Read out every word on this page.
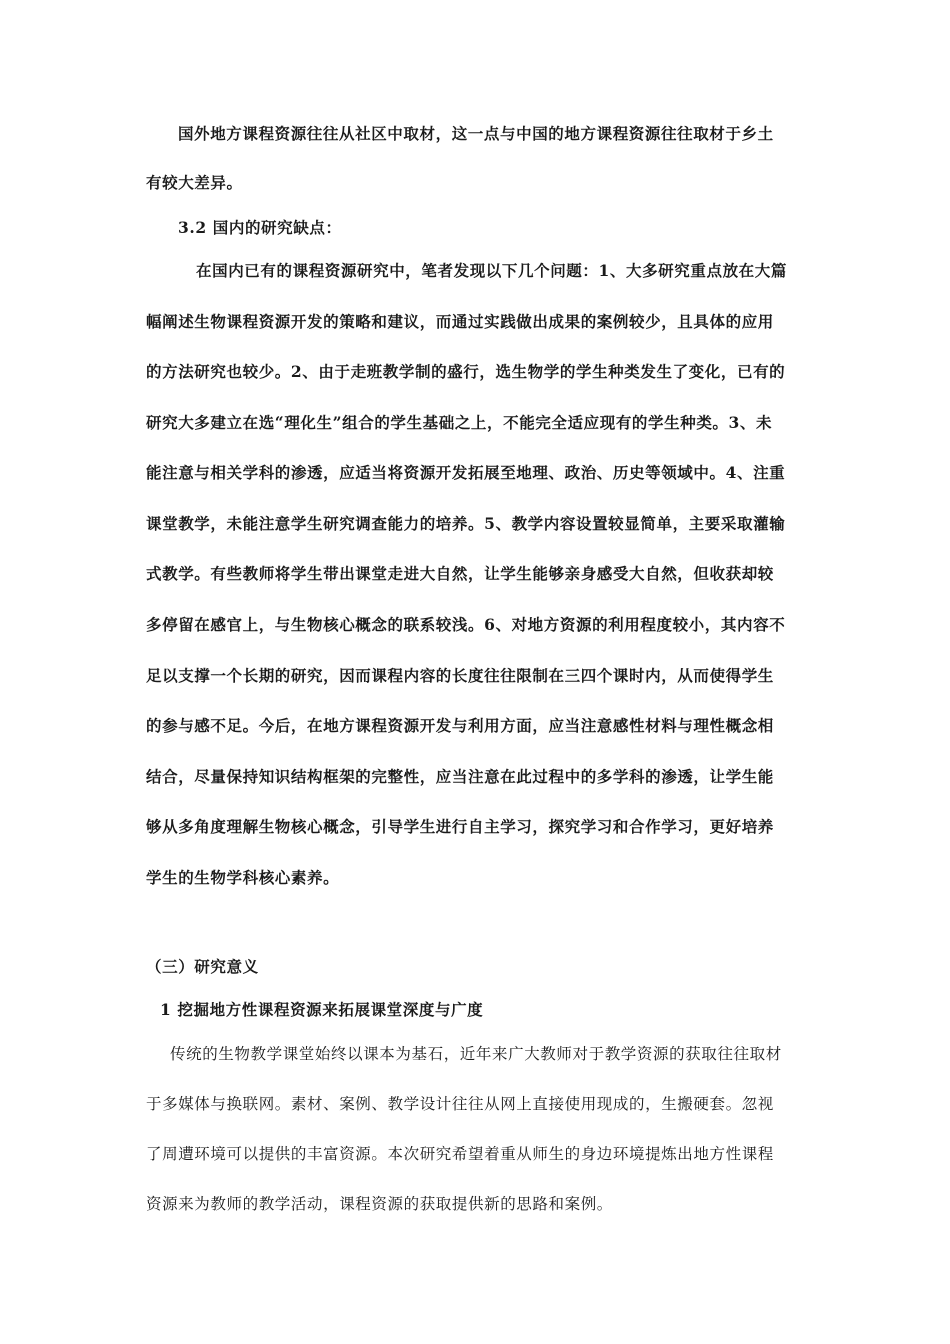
国外地方课程资源往往从社区中取材，这一点与中国的地方课程资源往往取材于乡土
有较大差异。
3.2 国内的研究缺点：
在国内已有的课程资源研究中，笔者发现以下几个问题：1、大多研究重点放在大篇
幅阐述生物课程资源开发的策略和建议，而通过实践做出成果的案例较少，且具体的应用
的方法研究也较少。2、由于走班教学制的盛行，选生物学的学生种类发生了变化，已有的
研究大多建立在选“理化生”组合的学生基础之上，不能完全适应现有的学生种类。3、未
能注意与相关学科的渗透，应适当将资源开发拓展至地理、政治、历史等领域中。4、注重
课堂教学，未能注意学生研究调查能力的培养。5、教学内容设置较显简单，主要采取灌输
式教学。有些教师将学生带出课堂走进大自然，让学生能够亲身感受大自然，但收获却较
多停留在感官上，与生物核心概念的联系较浅。6、对地方资源的利用程度较小，其内容不
足以支撑一个长期的研究，因而课程内容的长度往往限制在三四个课时内，从而使得学生
的参与感不足。今后，在地方课程资源开发与利用方面，应当注意感性材料与理性概念相
结合，尽量保持知识结构框架的完整性，应当注意在此过程中的多学科的渗透，让学生能
够从多角度理解生物核心概念，引导学生进行自主学习，探究学习和合作学习，更好培养
学生的生物学科核心素养。
（三）研究意义
1 挖掘地方性课程资源来拓展课堂深度与广度
传统的生物教学课堂始终以课本为基石，近年来广大教师对于教学资源的获取往往取材
于多媒体与换联网。素材、案例、教学设计往往从网上直接使用现成的，生搬硬套。忽视
了周遭环境可以提供的丰富资源。本次研究希望着重从师生的身边环境提炼出地方性课程
资源来为教师的教学活动，课程资源的获取提供新的思路和案例。
